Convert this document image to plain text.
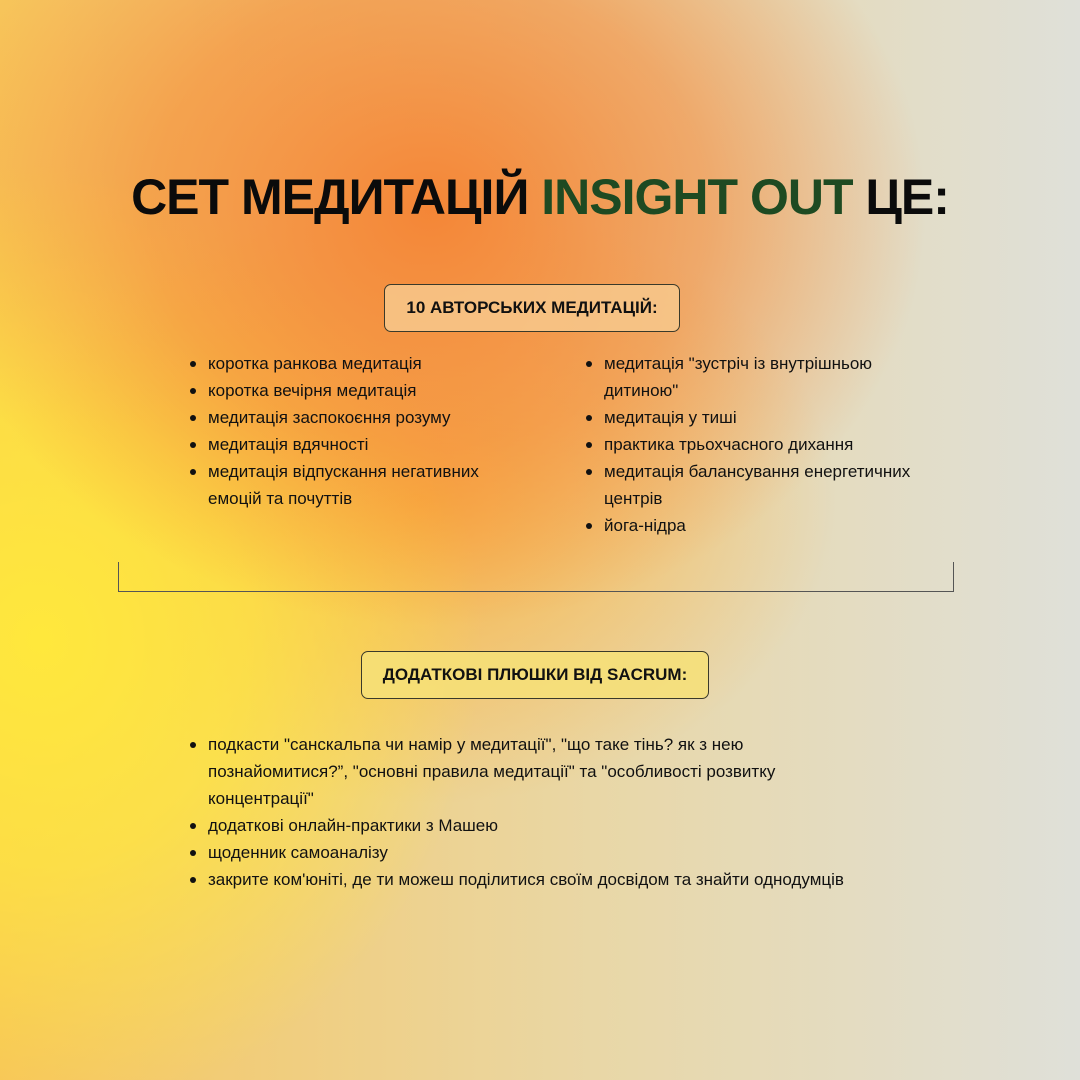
СЕТ МЕДИТАЦІЙ INSIGHT OUT ЦЕ:
10 АВТОРСЬКИХ МЕДИТАЦІЙ:
коротка ранкова медитація
коротка вечірня медитація
медитація заспокоєння розуму
медитація вдячності
медитація відпускання негативних емоцій та почуттів
медитація "зустріч із внутрішньою дитиною"
медитація у тиші
практика трьохчасного дихання
медитація балансування енергетичних центрів
йога-нідра
ДОДАТКОВІ ПЛЮШКИ ВІД SACRUM:
подкасти "санскальпа чи намір у медитації", "що таке тінь? як з нею познайомитися?”, "основні правила медитації" та "особливості розвитку концентрації"
додаткові онлайн-практики з Машею
щоденник самоаналізу
закрите ком'юніті, де ти можеш поділитися своїм досвідом та знайти однодумців
